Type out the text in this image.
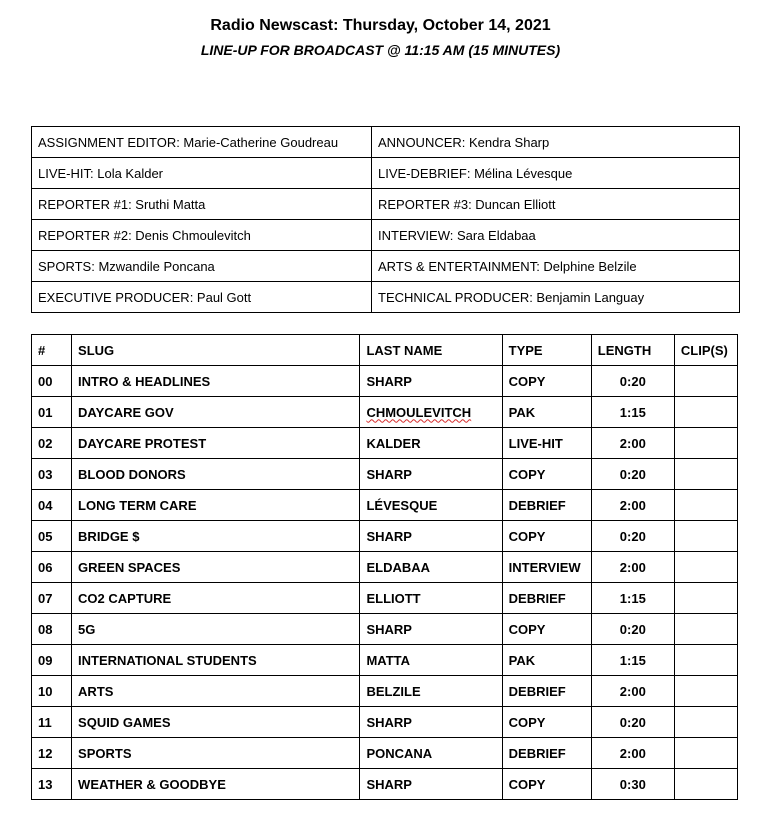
Radio Newscast: Thursday, October 14, 2021
LINE-UP FOR BROADCAST @ 11:15 AM (15 MINUTES)
ASSIGNMENT EDITOR: Marie-Catherine Goudreau	ANNOUNCER: Kendra Sharp
LIVE-HIT: Lola Kalder	LIVE-DEBRIEF: Mélina Lévesque
REPORTER #1: Sruthi Matta	REPORTER #3: Duncan Elliott
REPORTER #2: Denis Chmoulevitch	INTERVIEW: Sara Eldabaa
SPORTS: Mzwandile Poncana	ARTS & ENTERTAINMENT: Delphine Belzile
EXECUTIVE PRODUCER: Paul Gott	TECHNICAL PRODUCER: Benjamin Languay
#	SLUG	LAST NAME	TYPE	LENGTH	CLIP(S)
00	INTRO & HEADLINES	SHARP	COPY	0:20	
01	DAYCARE GOV	CHMOULEVITCH	PAK	1:15	
02	DAYCARE PROTEST	KALDER	LIVE-HIT	2:00	
03	BLOOD DONORS	SHARP	COPY	0:20	
04	LONG TERM CARE	LÉVESQUE	DEBRIEF	2:00	
05	BRIDGE $	SHARP	COPY	0:20	
06	GREEN SPACES	ELDABAA	INTERVIEW	2:00	
07	CO2 CAPTURE	ELLIOTT	DEBRIEF	1:15	
08	5G	SHARP	COPY	0:20	
09	INTERNATIONAL STUDENTS	MATTA	PAK	1:15	
10	ARTS	BELZILE	DEBRIEF	2:00	
11	SQUID GAMES	SHARP	COPY	0:20	
12	SPORTS	PONCANA	DEBRIEF	2:00	
13	WEATHER & GOODBYE	SHARP	COPY	0:30	
